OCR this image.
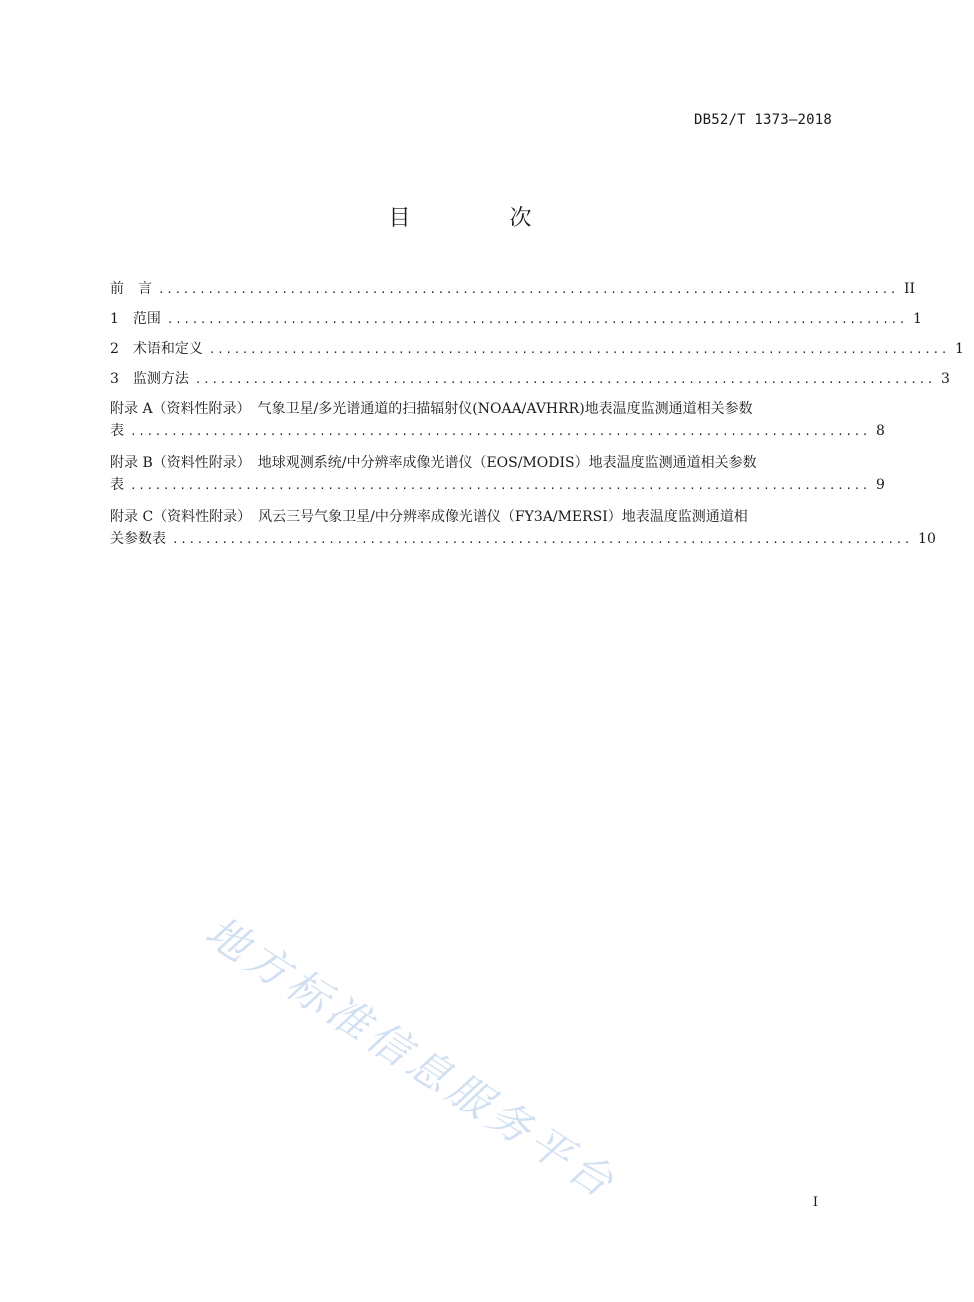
DB52/T 1373—2018
目 次
前　言 .......................................................................................... II
1　范围 .......................................................................................... 1
2　术语和定义 .......................................................................................... 1
3　监测方法 .......................................................................................... 3
附录 A（资料性附录）　气象卫星/多光谱通道的扫描辐射仪(NOAA/AVHRR)地表温度监测通道相关参数
表 .......................................................................................... 8
附录 B（资料性附录）　地球观测系统/中分辨率成像光谱仪（EOS/MODIS）地表温度监测通道相关参数
表 .......................................................................................... 9
附录 C（资料性附录）　风云三号气象卫星/中分辨率成像光谱仪（FY3A/MERSI）地表温度监测通道相
关参数表 .......................................................................................... 10
地方标准信息服务平台	I
